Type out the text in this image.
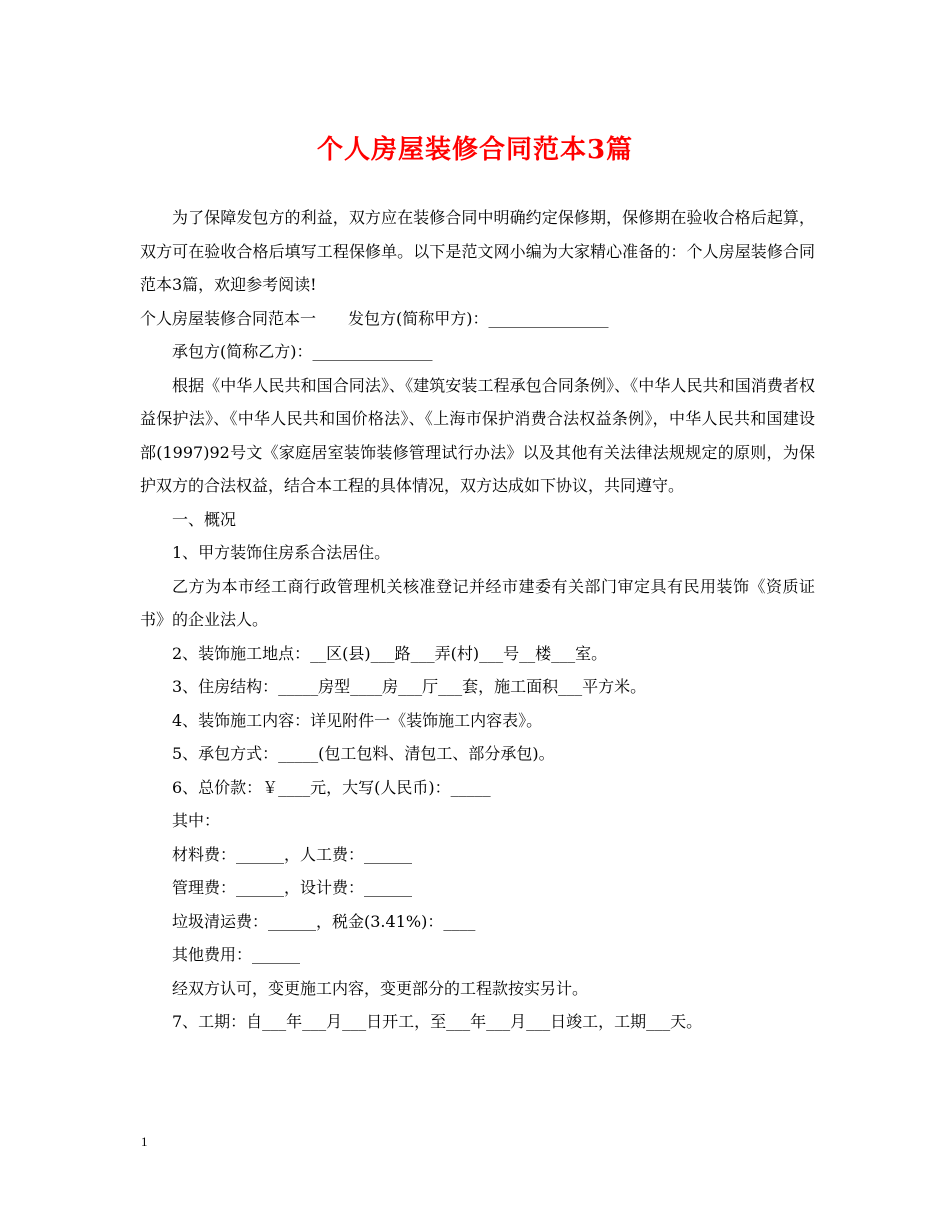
个人房屋装修合同范本3篇

为了保障发包方的利益，双方应在装修合同中明确约定保修期，保修期在验收合格后起算，双方可在验收合格后填写工程保修单。以下是范文网小编为大家精心准备的：个人房屋装修合同范本3篇，欢迎参考阅读!

个人房屋装修合同范本一　　发包方(简称甲方)：_______________

承包方(简称乙方)：_______________

根据《中华人民共和国合同法》、《建筑安装工程承包合同条例》、《中华人民共和国消费者权益保护法》、《中华人民共和国价格法》、《上海市保护消费合法权益条例》，中华人民共和国建设部(1997)92号文《家庭居室装饰装修管理试行办法》以及其他有关法律法规规定的原则，为保护双方的合法权益，结合本工程的具体情况，双方达成如下协议，共同遵守。

一、概况

1、甲方装饰住房系合法居住。

乙方为本市经工商行政管理机关核准登记并经市建委有关部门审定具有民用装饰《资质证书》的企业法人。

2、装饰施工地点：__区(县)___路___弄(村)___号__楼___室。

3、住房结构：_____房型____房___厅___套，施工面积___平方米。

4、装饰施工内容：详见附件一《装饰施工内容表》。

5、承包方式：_____(包工包料、清包工、部分承包)。

6、总价款：￥____元，大写(人民币)：_____

其中：

材料费：______，人工费：______

管理费：______，设计费：______

垃圾清运费：______，税金(3.41%)：____

其他费用：______

经双方认可，变更施工内容，变更部分的工程款按实另计。

7、工期：自___年___月___日开工，至___年___月___日竣工，工期___天。

1
